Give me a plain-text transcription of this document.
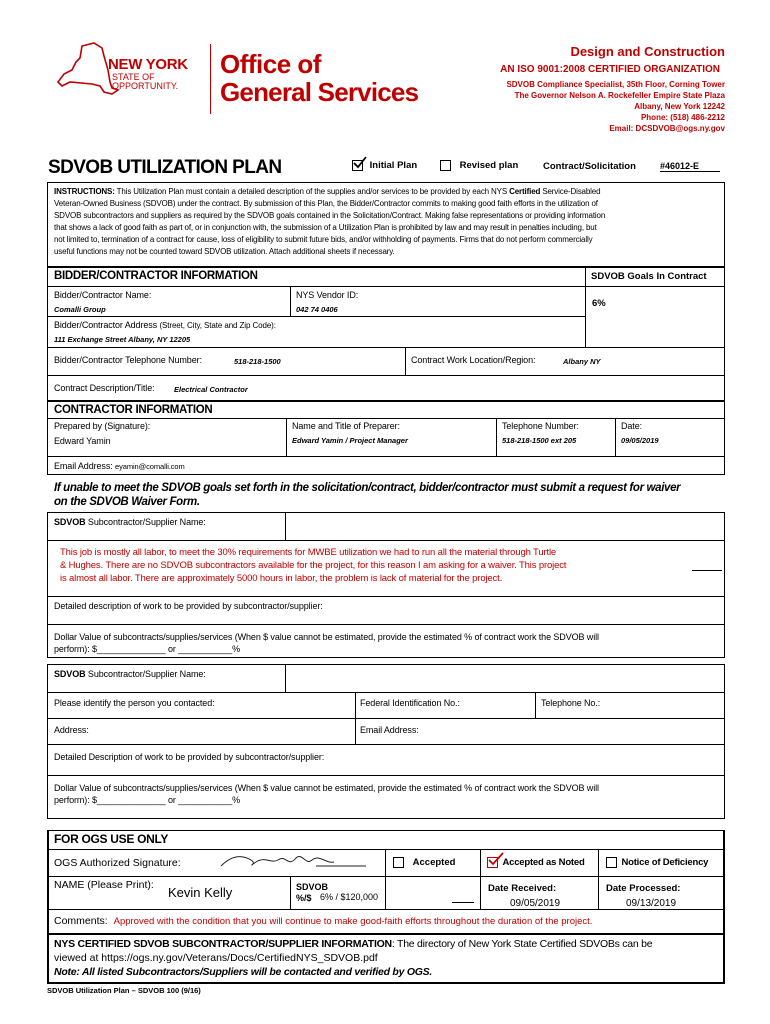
NEW YORK
STATE OF
OPPORTUNITY.
Office of
General Services
Design and Construction
AN ISO 9001:2008 CERTIFIED ORGANIZATION
SDVOB Compliance Specialist, 35th Floor, Corning Tower
The Governor Nelson A. Rockefeller Empire State Plaza
Albany, New York 12242
Phone: (518) 486-2212
Email: DCSDVOB@ogs.ny.gov
SDVOB UTILIZATION PLAN	Initial Plan	Revised plan	Contract/Solicitation	#46012-E
INSTRUCTIONS: This Utilization Plan must contain a detailed description of the supplies and/or services to be provided by each NYS Certified Service-Disabled
Veteran-Owned Business (SDVOB) under the contract. By submission of this Plan, the Bidder/Contractor commits to making good faith efforts in the utilization of
SDVOB subcontractors and suppliers as required by the SDVOB goals contained in the Solicitation/Contract. Making false representations or providing information
that shows a lack of good faith as part of, or in conjunction with, the submission of a Utilization Plan is prohibited by law and may result in penalties including, but
not limited to, termination of a contract for cause, loss of eligibility to submit future bids, and/or withholding of payments. Firms that do not perform commercially
useful functions may not be counted toward SDVOB utilization. Attach additional sheets if necessary.
BIDDER/CONTRACTOR INFORMATION	SDVOB Goals In Contract
6%
Bidder/Contractor Name:
Comalli Group
NYS Vendor ID:
042 74 0406
Bidder/Contractor Address (Street, City, State and Zip Code):
111 Exchange Street Albany, NY 12205
Bidder/Contractor Telephone Number:	518-218-1500	Contract Work Location/Region:	Albany NY
Contract Description/Title:	Electrical Contractor
CONTRACTOR INFORMATION
Prepared by (Signature):
Edward Yamin
Name and Title of Preparer:
Edward Yamin / Project Manager
Telephone Number:
518-218-1500 ext 205
Date:
09/05/2019
Email Address: eyamin@comalli.com
If unable to meet the SDVOB goals set forth in the solicitation/contract, bidder/contractor must submit a request for waiver
on the SDVOB Waiver Form.
SDVOB Subcontractor/Supplier Name:
This job is mostly all labor, to meet the 30% requirements for MWBE utilization we had to run all the material through Turtle
& Hughes. There are no SDVOB subcontractors available for the project, for this reason I am asking for a waiver. This project
is almost all labor. There are approximately 5000 hours in labor, the problem is lack of material for the project.
Detailed description of work to be provided by subcontractor/supplier:
Dollar Value of subcontracts/supplies/services (When $ value cannot be estimated, provide the estimated % of contract work the SDVOB will
perform): $______________ or ___________%
SDVOB Subcontractor/Supplier Name:
Please identify the person you contacted:	Federal Identification No.:	Telephone No.:
Address:	Email Address:
Detailed Description of work to be provided by subcontractor/supplier:
Dollar Value of subcontracts/supplies/services (When $ value cannot be estimated, provide the estimated % of contract work the SDVOB will
perform): $______________ or ___________%
FOR OGS USE ONLY
OGS Authorized Signature:	Accepted	Accepted as Noted	Notice of Deficiency
NAME (Please Print): Kevin Kelly	SDVOB
%/$ 6% / $120,000
Date Received:
09/05/2019
Date Processed:
09/13/2019
Comments: Approved with the condition that you will continue to make good-faith efforts throughout the duration of the project.
NYS CERTIFIED SDVOB SUBCONTRACTOR/SUPPLIER INFORMATION: The directory of New York State Certified SDVOBs can be
viewed at https://ogs.ny.gov/Veterans/Docs/CertifiedNYS_SDVOB.pdf
Note: All listed Subcontractors/Suppliers will be contacted and verified by OGS.
SDVOB Utilization Plan – SDVOB 100 (9/16)
